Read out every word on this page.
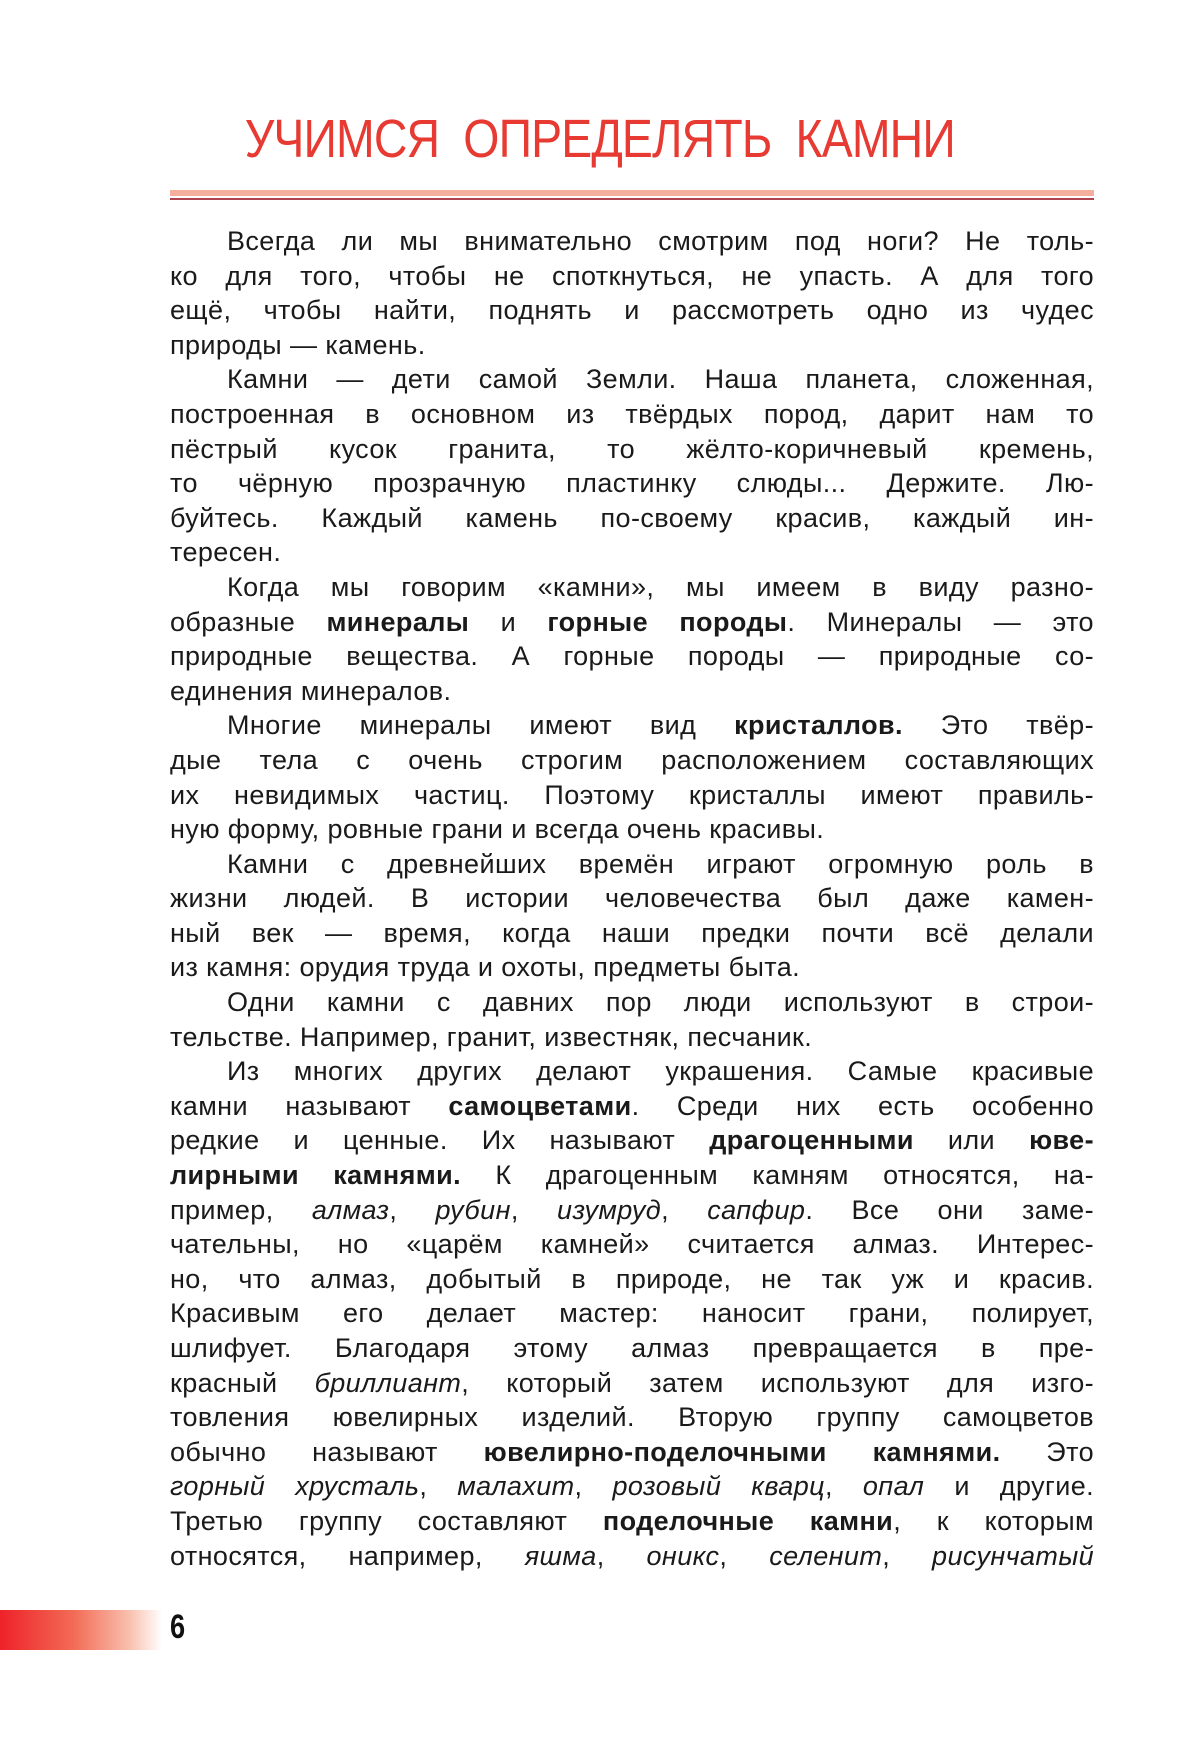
УЧИМСЯ ОПРЕДЕЛЯТЬ КАМНИ
Всегда ли мы внимательно смотрим под ноги? Не толь-
ко для того, чтобы не споткнуться, не упасть. А для того
ещё, чтобы найти, поднять и рассмотреть одно из чудес
природы — камень.
Камни — дети самой Земли. Наша планета, сложенная,
построенная в основном из твёрдых пород, дарит нам то
пёстрый кусок гранита, то жёлто-коричневый кремень,
то чёрную прозрачную пластинку слюды... Держите. Лю-
буйтесь. Каждый камень по-своему красив, каждый ин-
тересен.
Когда мы говорим «камни», мы имеем в виду разно-
образные минералы и горные породы. Минералы — это
природные вещества. А горные породы — природные со-
единения минералов.
Многие минералы имеют вид кристаллов. Это твёр-
дые тела с очень строгим расположением составляющих
их невидимых частиц. Поэтому кристаллы имеют правиль-
ную форму, ровные грани и всегда очень красивы.
Камни с древнейших времён играют огромную роль в
жизни людей. В истории человечества был даже камен-
ный век — время, когда наши предки почти всё делали
из камня: орудия труда и охоты, предметы быта.
Одни камни с давних пор люди используют в строи-
тельстве. Например, гранит, известняк, песчаник.
Из многих других делают украшения. Самые красивые
камни называют самоцветами. Среди них есть особенно
редкие и ценные. Их называют драгоценными или юве-
лирными камнями. К драгоценным камням относятся, на-
пример, алмаз, рубин, изумруд, сапфир. Все они заме-
чательны, но «царём камней» считается алмаз. Интерес-
но, что алмаз, добытый в природе, не так уж и красив.
Красивым его делает мастер: наносит грани, полирует,
шлифует. Благодаря этому алмаз превращается в пре-
красный бриллиант, который затем используют для изго-
товления ювелирных изделий. Вторую группу самоцветов
обычно называют ювелирно-поделочными камнями. Это
горный хрусталь, малахит, розовый кварц, опал и другие.
Третью группу составляют поделочные камни, к которым
относятся, например, яшма, оникс, селенит, рисунчатый
6
